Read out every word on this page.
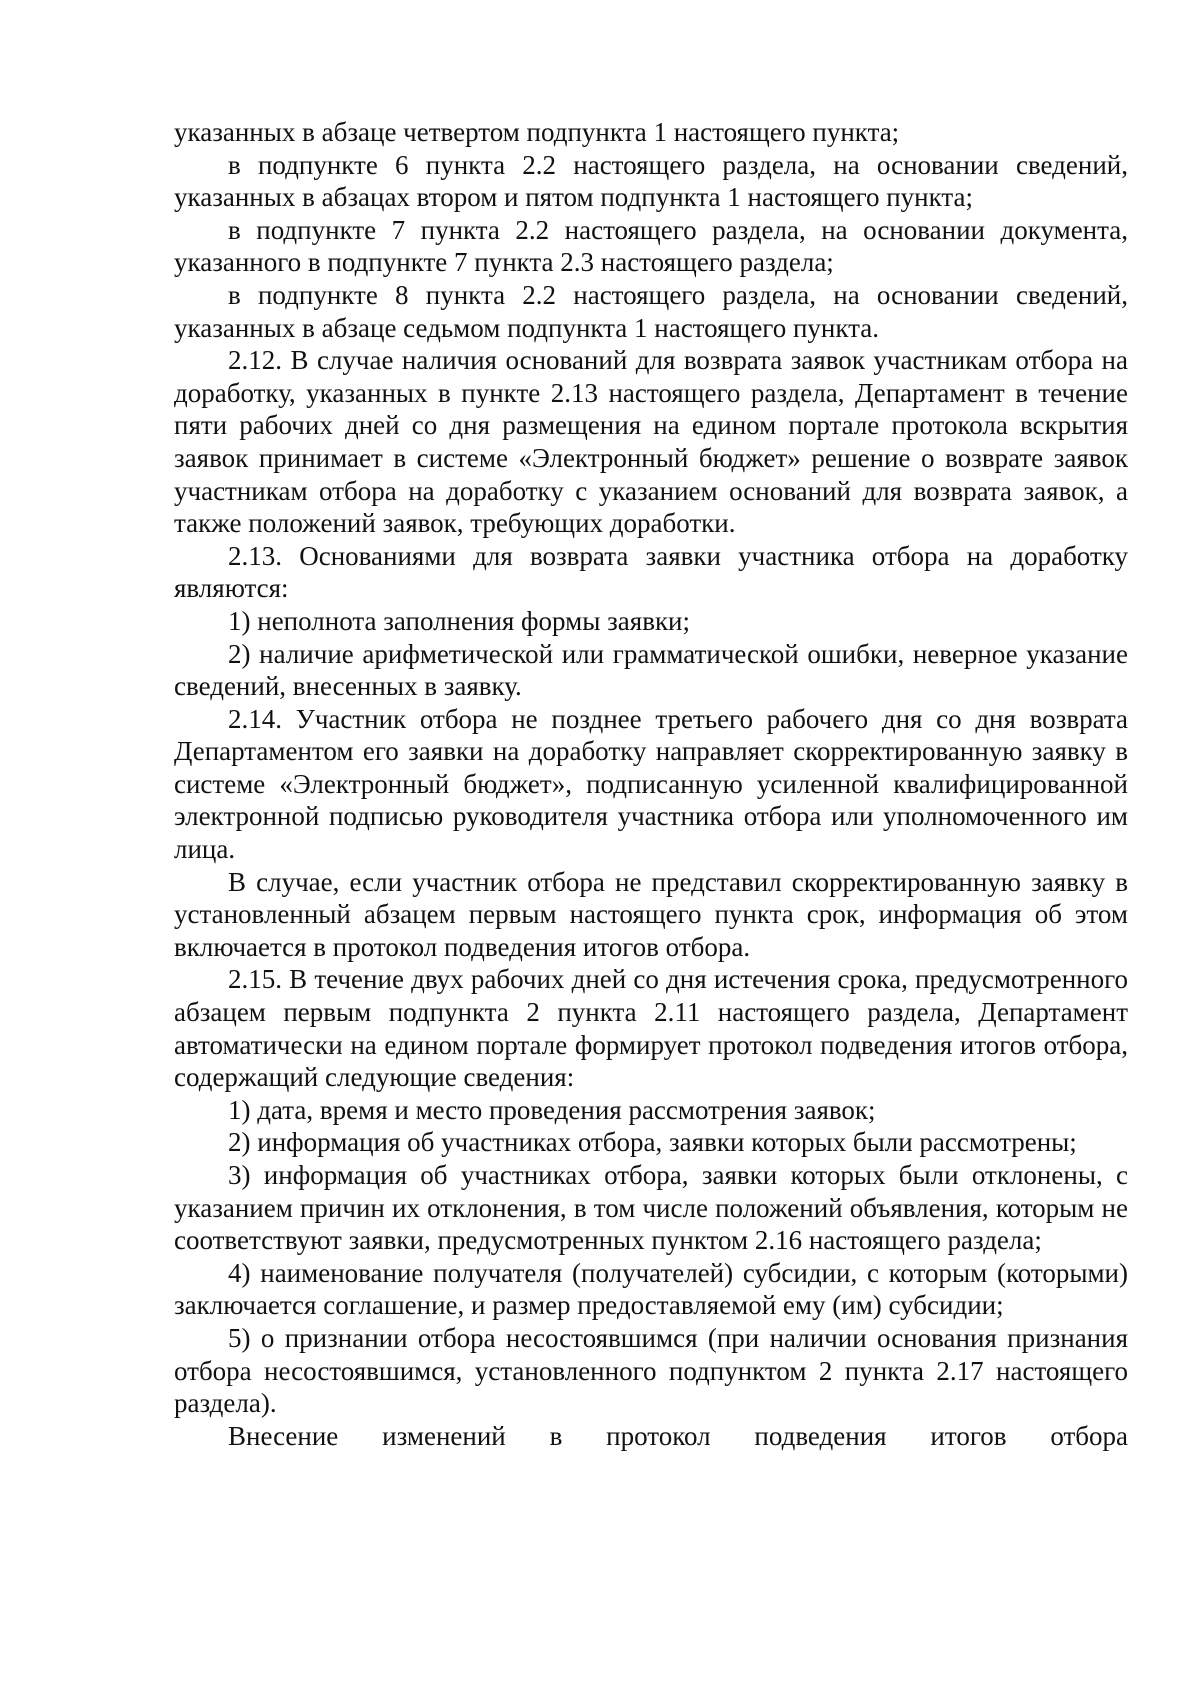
указанных в абзаце четвертом подпункта 1 настоящего пункта;

в подпункте 6 пункта 2.2 настоящего раздела, на основании сведений, указанных в абзацах втором и пятом подпункта 1 настоящего пункта;

в подпункте 7 пункта 2.2 настоящего раздела, на основании документа, указанного в подпункте 7 пункта 2.3 настоящего раздела;

в подпункте 8 пункта 2.2 настоящего раздела, на основании сведений, указанных в абзаце седьмом подпункта 1 настоящего пункта.

2.12. В случае наличия оснований для возврата заявок участникам отбора на доработку, указанных в пункте 2.13 настоящего раздела, Департамент в течение пяти рабочих дней со дня размещения на едином портале протокола вскрытия заявок принимает в системе «Электронный бюджет» решение о возврате заявок участникам отбора на доработку с указанием оснований для возврата заявок, а также положений заявок, требующих доработки.

2.13. Основаниями для возврата заявки участника отбора на доработку являются:

1) неполнота заполнения формы заявки;

2) наличие арифметической или грамматической ошибки, неверное указание сведений, внесенных в заявку.

2.14. Участник отбора не позднее третьего рабочего дня со дня возврата Департаментом его заявки на доработку направляет скорректированную заявку в системе «Электронный бюджет», подписанную усиленной квалифицированной электронной подписью руководителя участника отбора или уполномоченного им лица.

В случае, если участник отбора не представил скорректированную заявку в установленный абзацем первым настоящего пункта срок, информация об этом включается в протокол подведения итогов отбора.

2.15. В течение двух рабочих дней со дня истечения срока, предусмотренного абзацем первым подпункта 2 пункта 2.11 настоящего раздела, Департамент автоматически на едином портале формирует протокол подведения итогов отбора, содержащий следующие сведения:

1) дата, время и место проведения рассмотрения заявок;

2) информация об участниках отбора, заявки которых были рассмотрены;

3) информация об участниках отбора, заявки которых были отклонены, с указанием причин их отклонения, в том числе положений объявления, которым не соответствуют заявки, предусмотренных пунктом 2.16 настоящего раздела;

4) наименование получателя (получателей) субсидии, с которым (которыми) заключается соглашение, и размер предоставляемой ему (им) субсидии;

5) о признании отбора несостоявшимся (при наличии основания признания отбора несостоявшимся, установленного подпунктом 2 пункта 2.17 настоящего раздела).

Внесение изменений в протокол подведения итогов отбора
